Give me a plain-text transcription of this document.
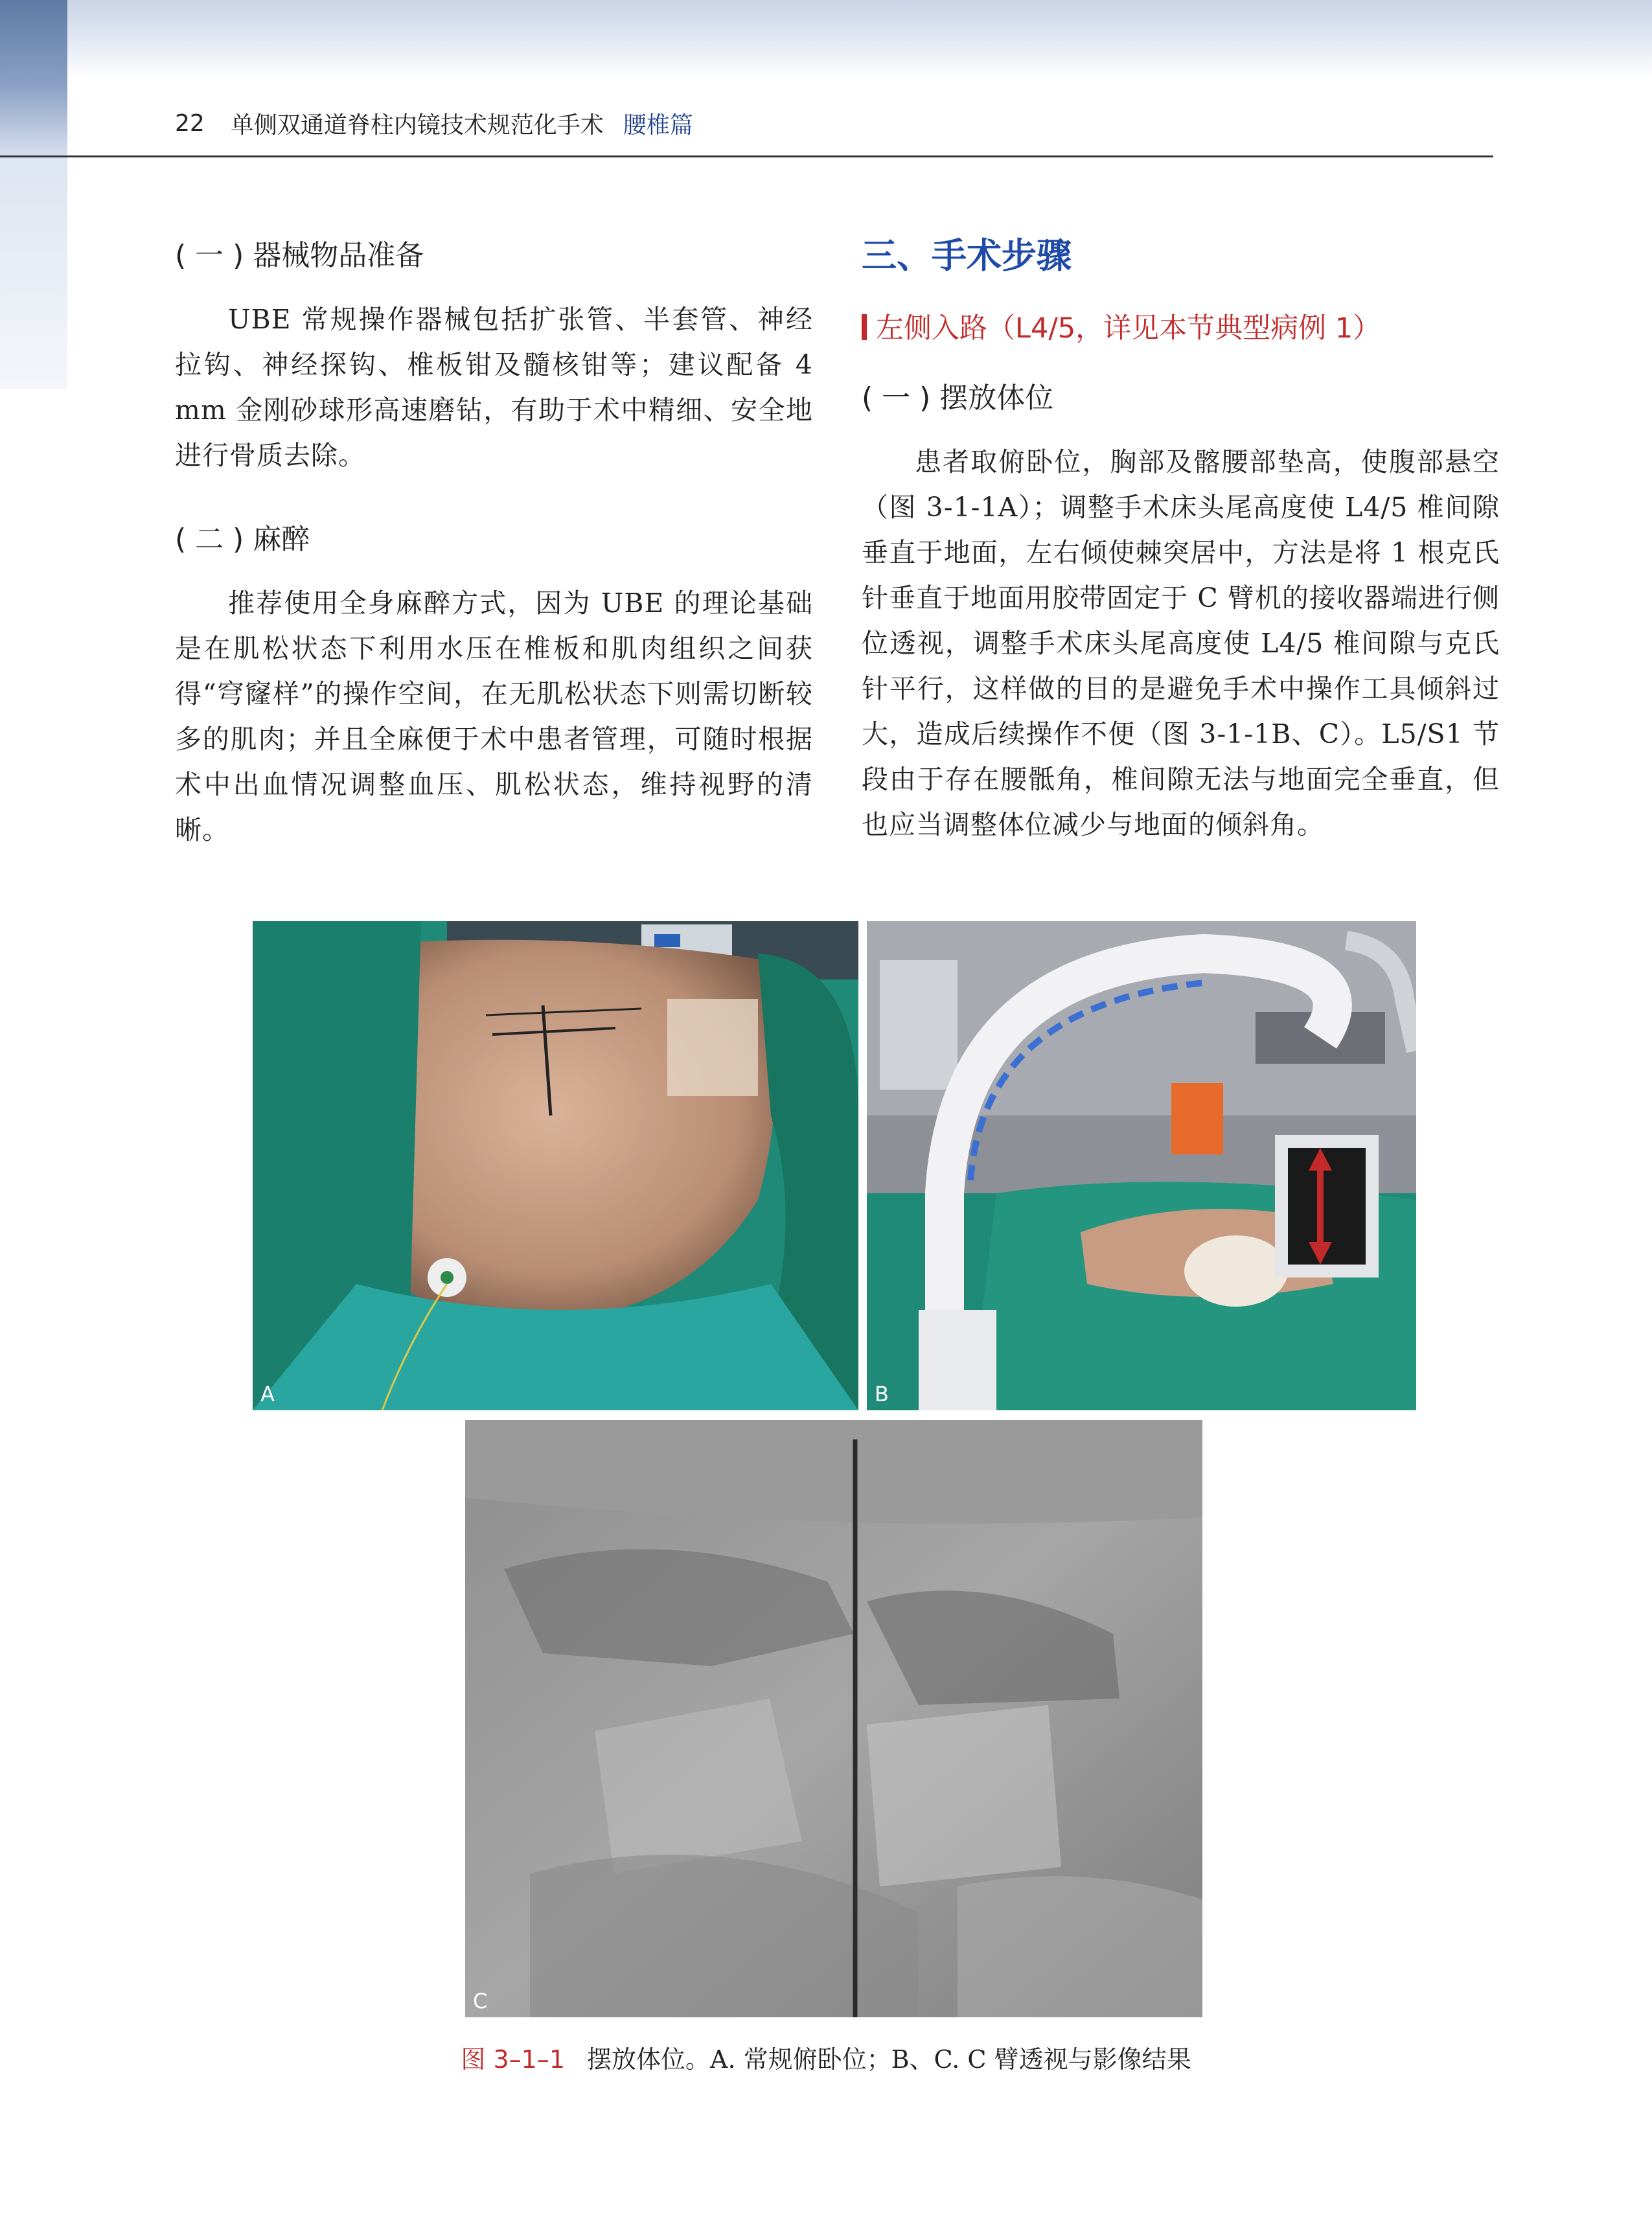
22 单侧双通道脊柱内镜技术规范化手术 腰椎篇
( 一 ) 器械物品准备

UBE 常规操作器械包括扩张管、半套管、神经拉钩、神经探钩、椎板钳及髓核钳等；建议配备 4 mm 金刚砂球形高速磨钻，有助于术中精细、安全地进行骨质去除。

( 二 ) 麻醉

推荐使用全身麻醉方式，因为 UBE 的理论基础是在肌松状态下利用水压在椎板和肌肉组织之间获得“穹窿样”的操作空间，在无肌松状态下则需切断较多的肌肉；并且全麻便于术中患者管理，可随时根据术中出血情况调整血压、肌松状态，维持视野的清晰。

三、手术步骤
左侧入路（L4/5，详见本节典型病例 1）
( 一 ) 摆放体位

患者取俯卧位，胸部及髂腰部垫高，使腹部悬空（图 3-1-1A）；调整手术床头尾高度使 L4/5 椎间隙垂直于地面，左右倾使棘突居中，方法是将 1 根克氏针垂直于地面用胶带固定于 C 臂机的接收器端进行侧位透视，调整手术床头尾高度使 L4/5 椎间隙与克氏针平行，这样做的目的是避免手术中操作工具倾斜过大，造成后续操作不便（图 3-1-1B、C）。L5/S1 节段由于存在腰骶角，椎间隙无法与地面完全垂直，但也应当调整体位减少与地面的倾斜角。

A	B
C
图 3–1–1 摆放体位。A. 常规俯卧位；B、C. C 臂透视与影像结果
